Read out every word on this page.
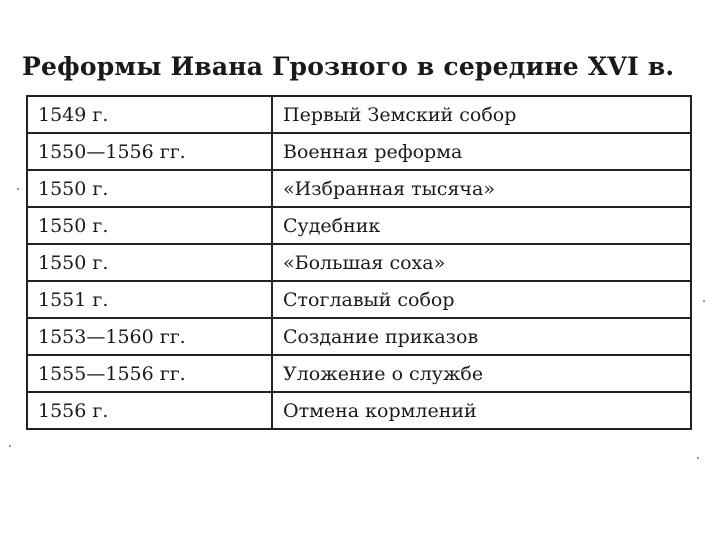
Реформы Ивана Грозного в середине XVI в.
1549 г.	Первый Земский собор
1550—1556 гг.	Военная реформа
1550 г.	«Избранная тысяча»
1550 г.	Судебник
1550 г.	«Большая соха»
1551 г.	Стоглавый собор
1553—1560 гг.	Создание приказов
1555—1556 гг.	Уложение о службе
1556 г.	Отмена кормлений
